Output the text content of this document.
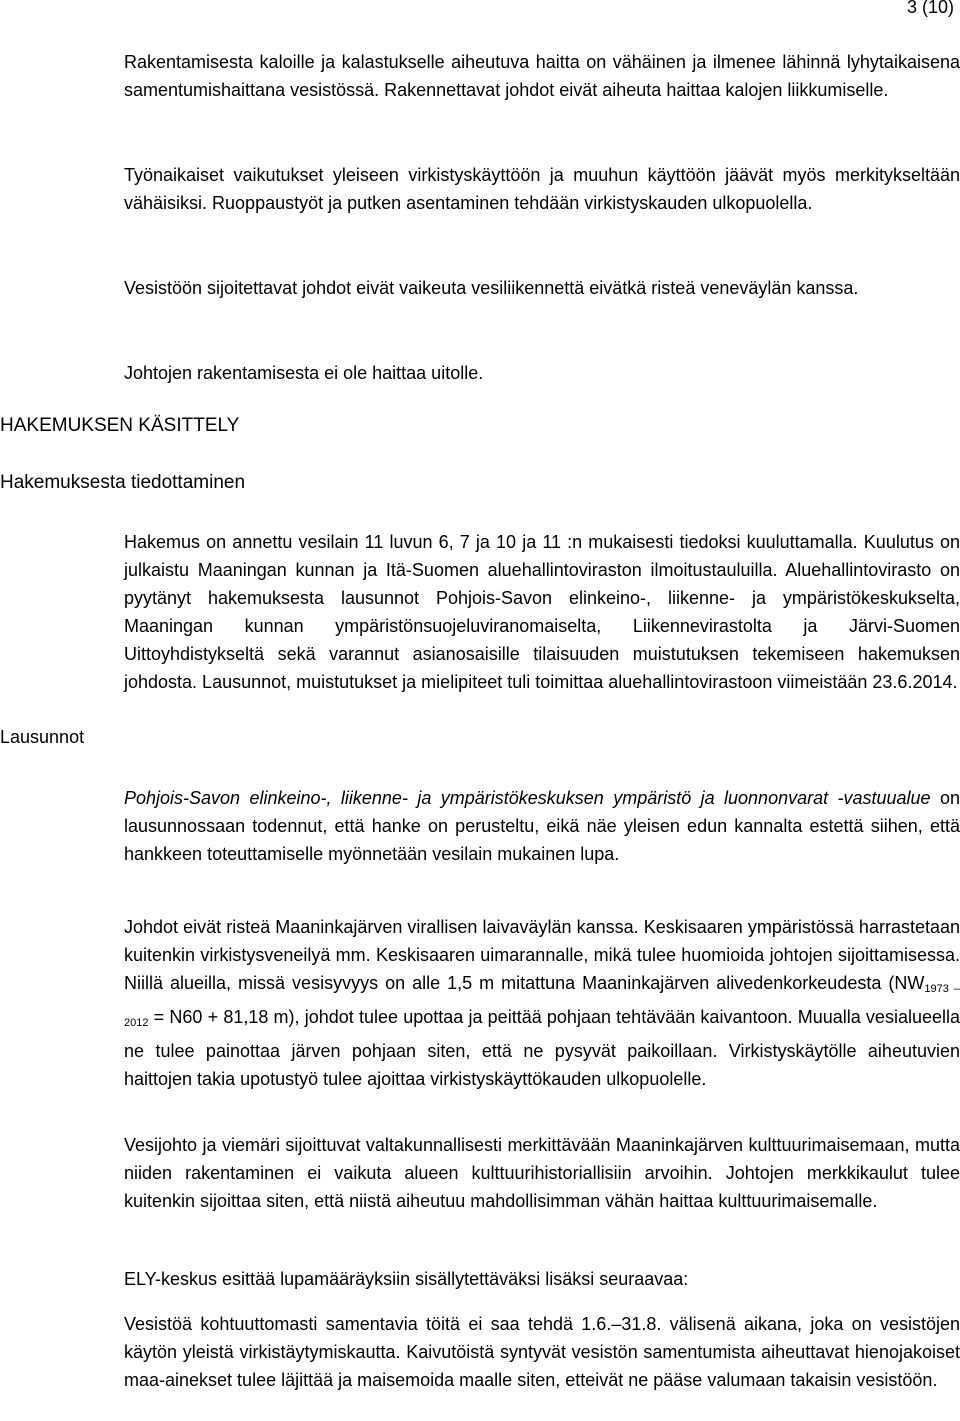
3 (10)

Rakentamisesta kaloille ja kalastukselle aiheutuva haitta on vähäinen ja ilmenee lähinnä lyhytaikaisena samentumishaittana vesistössä. Rakennettavat johdot eivät aiheuta haittaa kalojen liikkumiselle.

Työnaikaiset vaikutukset yleiseen virkistyskäyttöön ja muuhun käyttöön jäävät myös merkitykseltään vähäisiksi. Ruoppaustyöt ja putken asentaminen tehdään virkistyskauden ulkopuolella.

Vesistöön sijoitettavat johdot eivät vaikeuta vesiliikennettä eivätkä risteä veneväylän kanssa.

Johtojen rakentamisesta ei ole haittaa uitolle.

HAKEMUKSEN KÄSITTELY
Hakemuksesta tiedottaminen

Hakemus on annettu vesilain 11 luvun 6, 7 ja 10 ja 11 :n mukaisesti tiedoksi kuuluttamalla. Kuulutus on julkaistu Maaningan kunnan ja Itä-Suomen aluehallintoviraston ilmoitustauluilla. Aluehallintovirasto on pyytänyt hakemuksesta lausunnot Pohjois-Savon elinkeino-, liikenne- ja ympäristökeskukselta, Maaningan kunnan ympäristönsuojeluviranomaiselta, Liikennevirastolta ja Järvi-Suomen Uittoyhdistykseltä sekä varannut asianosaisille tilaisuuden muistutuksen tekemiseen hakemuksen johdosta. Lausunnot, muistutukset ja mielipiteet tuli toimittaa aluehallintovirastoon viimeistään 23.6.2014.

Lausunnot

Pohjois-Savon elinkeino-, liikenne- ja ympäristökeskuksen ympäristö ja luonnonvarat -vastuualue on lausunnossaan todennut, että hanke on perusteltu, eikä näe yleisen edun kannalta estettä siihen, että hankkeen toteuttamiselle myönnetään vesilain mukainen lupa.

Johdot eivät risteä Maaninkajärven virallisen laivaväylän kanssa. Keskisaaren ympäristössä harrastetaan kuitenkin virkistysveneilyä mm. Keskisaaren uimarannalle, mikä tulee huomioida johtojen sijoittamisessa. Niillä alueilla, missä vesisyvyys on alle 1,5 m mitattuna Maaninkajärven alivedenkorkeudesta ($NW_{1973 - 2012} = N60 + 81,18$ m), johdot tulee upottaa ja peittää pohjaan tehtävään kaivantoon. Muualla vesialueella ne tulee painottaa järven pohjaan siten, että ne pysyvät paikoillaan. Virkistyskäytölle aiheutuvien haittojen takia upotustyö tulee ajoittaa virkistyskäyttökauden ulkopuolelle.

Vesijohto ja viemäri sijoittuvat valtakunnallisesti merkittävään Maaninkajärven kulttuurimaisemaan, mutta niiden rakentaminen ei vaikuta alueen kulttuurihistoriallisiin arvoihin. Johtojen merkkikaulut tulee kuitenkin sijoittaa siten, että niistä aiheutuu mahdollisimman vähän haittaa kulttuurimaisemalle.

ELY-keskus esittää lupamääräyksiin sisällytettäväksi lisäksi seuraavaa:

Vesistöä kohtuuttomasti samentavia töitä ei saa tehdä 1.6.–31.8. välisenä aikana, joka on vesistöjen käytön yleistä virkistäytymiskautta. Kaivutöistä syntyvät vesistön samentumista aiheuttavat hienojakoiset maa-ainekset tulee läjittää ja maisemoida maalle siten, etteivät ne pääse valumaan takaisin vesistöön.
